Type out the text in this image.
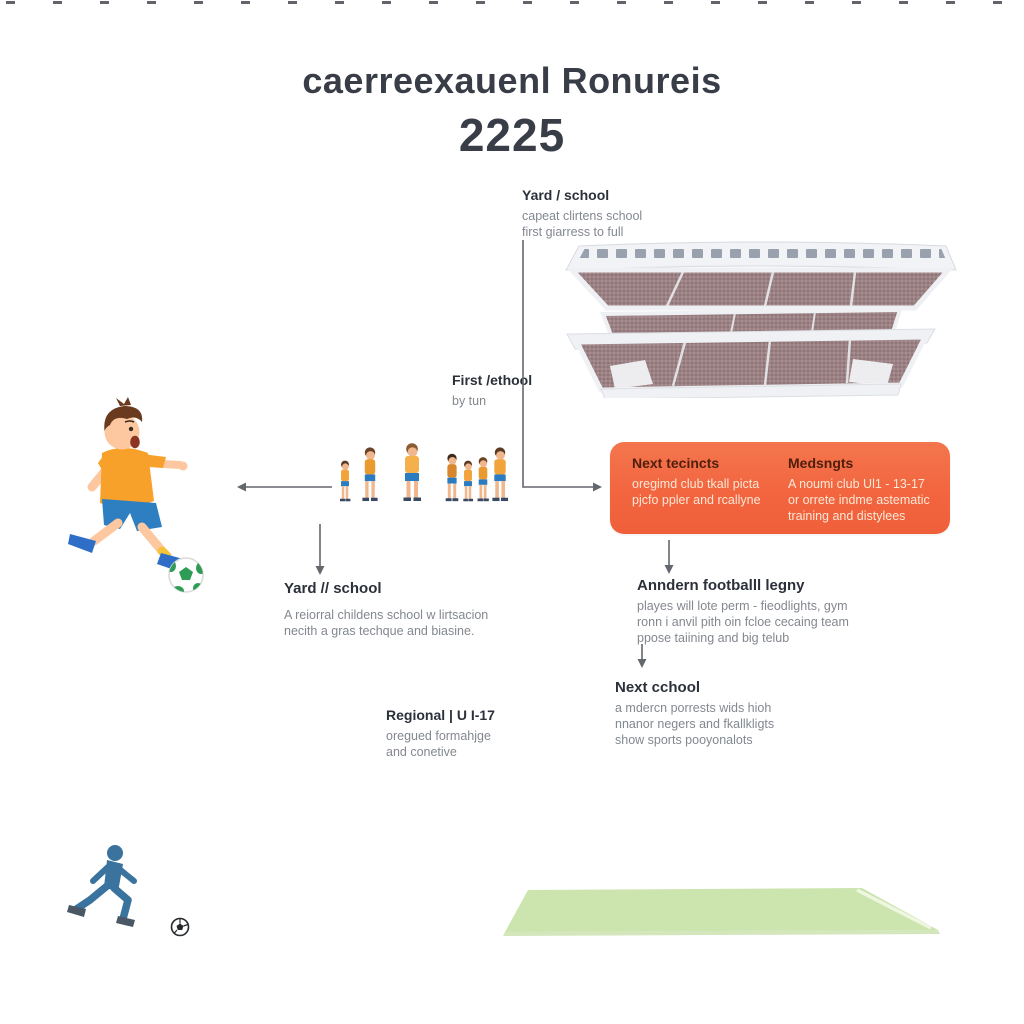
caerreexauenl Ronureis
2225
Yard / school
capeat clirtens school
first giarress to full
First /ethool
by tun
Next tecincts
oregimd club tkall picta
pjcfo ppler and rcallyne
Medsngts
A noumi club Ul1 - 13-17
or orrete indme astematic
training and distylees
Yard // school
A reiorral childens school w lirtsacion
necith a gras techque and biasine.
Anndern footballl legny
playes will lote perm - fieodlights, gym
ronn i anvil pith oin fcloe cecaing team
ppose taiining and big telub
Next cchool
a mdercn porrests wids hioh
nnanor negers and fkallkligts
show sports pooyonalots
Regional | U I-17
oregued formahjge
and conetive
